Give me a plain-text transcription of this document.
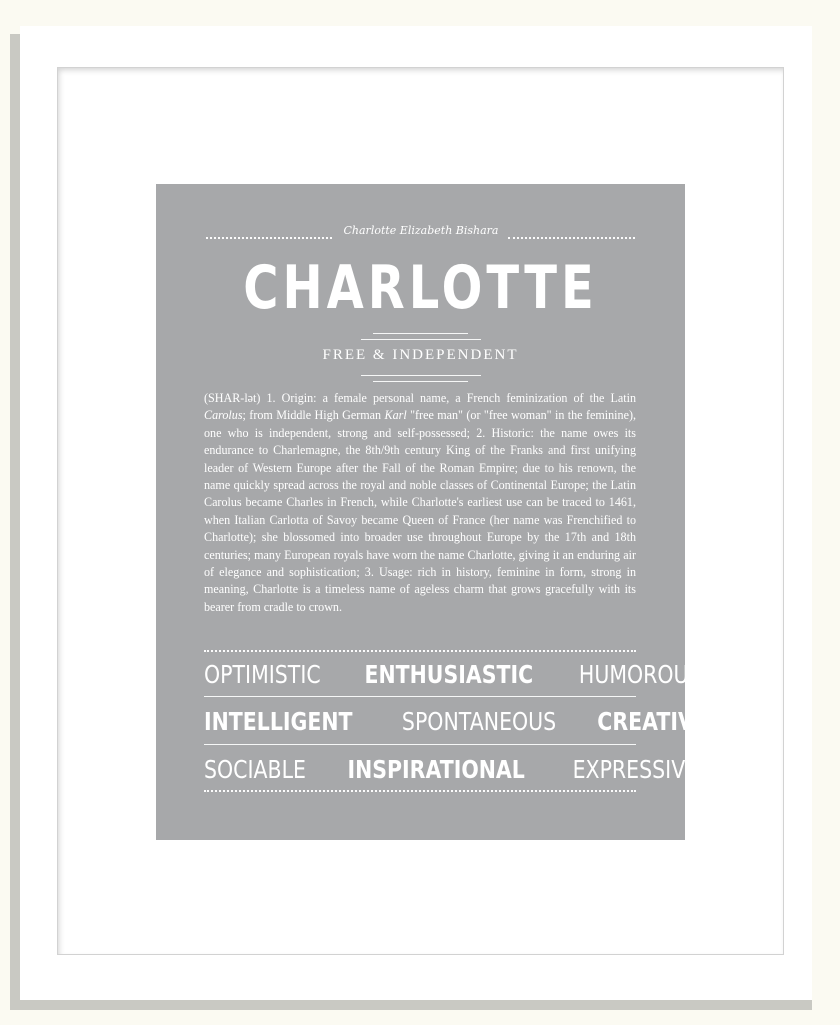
Charlotte Elizabeth Bishara
CHARLOTTE
FREE & INDEPENDENT
(SHAR-lət) 1. Origin: a female personal name, a French feminization of the Latin Carolus; from Middle High German Karl "free man" (or "free woman" in the feminine), one who is independent, strong and self-possessed; 2. Historic: the name owes its endurance to Charlemagne, the 8th/9th century King of the Franks and first unifying leader of Western Europe after the Fall of the Roman Empire; due to his renown, the name quickly spread across the royal and noble classes of Continental Europe; the Latin Carolus became Charles in French, while Charlotte's earliest use can be traced to 1461, when Italian Carlotta of Savoy became Queen of France (her name was Frenchified to Charlotte); she blossomed into broader use throughout Europe by the 17th and 18th centuries; many European royals have worn the name Charlotte, giving it an enduring air of elegance and sophistication; 3. Usage: rich in history, feminine in form, strong in meaning, Charlotte is a timeless name of ageless charm that grows gracefully with its bearer from cradle to crown.
OPTIMISTIC ENTHUSIASTIC HUMOROUS
INTELLIGENT SPONTANEOUS CREATIVE
SOCIABLE INSPIRATIONAL EXPRESSIVE
